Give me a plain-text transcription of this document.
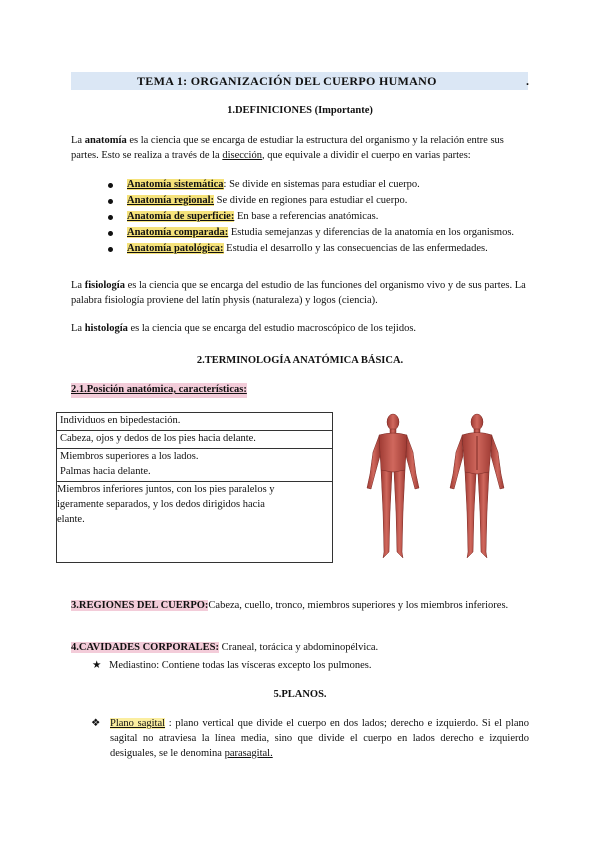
TEMA 1: ORGANIZACIÓN DEL CUERPO HUMANO	.
1.DEFINICIONES (Importante)
La anatomía es la ciencia que se encarga de estudiar la estructura del organismo y la relación entre sus partes. Esto se realiza a través de la disección, que equivale a dividir el cuerpo en varias partes:
Anatomía sistemática: Se divide en sistemas para estudiar el cuerpo.
Anatomía regional: Se divide en regiones para estudiar el cuerpo.
Anatomía de superficie: En base a referencias anatómicas.
Anatomía comparada: Estudia semejanzas y diferencias de la anatomía en los organismos.
Anatomía patológica: Estudia el desarrollo y las consecuencias de las enfermedades.
La fisiología es la ciencia que se encarga del estudio de las funciones del organismo vivo y de sus partes. La palabra fisiología proviene del latín physis (naturaleza) y logos (ciencia).
La histología es la ciencia que se encarga del estudio macroscópico de los tejidos.
2.TERMINOLOGÍA ANATÓMICA BÁSICA.
2.1.Posición anatómica, características:
Individuos en bipedestación.
Cabeza, ojos y dedos de los pies hacia delante.
Miembros superiores a los lados.
Palmas hacia delante.
Miembros inferiores juntos, con los pies paralelos y
igeramente separados, y los dedos dirigidos hacia
elante.
3.REGIONES DEL CUERPO:Cabeza, cuello, tronco, miembros superiores y los miembros inferiores.
4.CAVIDADES CORPORALES: Craneal, torácica y abdominopélvica.
★ Mediastino: Contiene todas las vísceras excepto los pulmones.
5.PLANOS.
❖ Plano sagital : plano vertical que divide el cuerpo en dos lados; derecho e izquierdo. Si el plano sagital no atraviesa la línea media, sino que divide el cuerpo en lados derecho e izquierdo desiguales, se le denomina parasagital.
